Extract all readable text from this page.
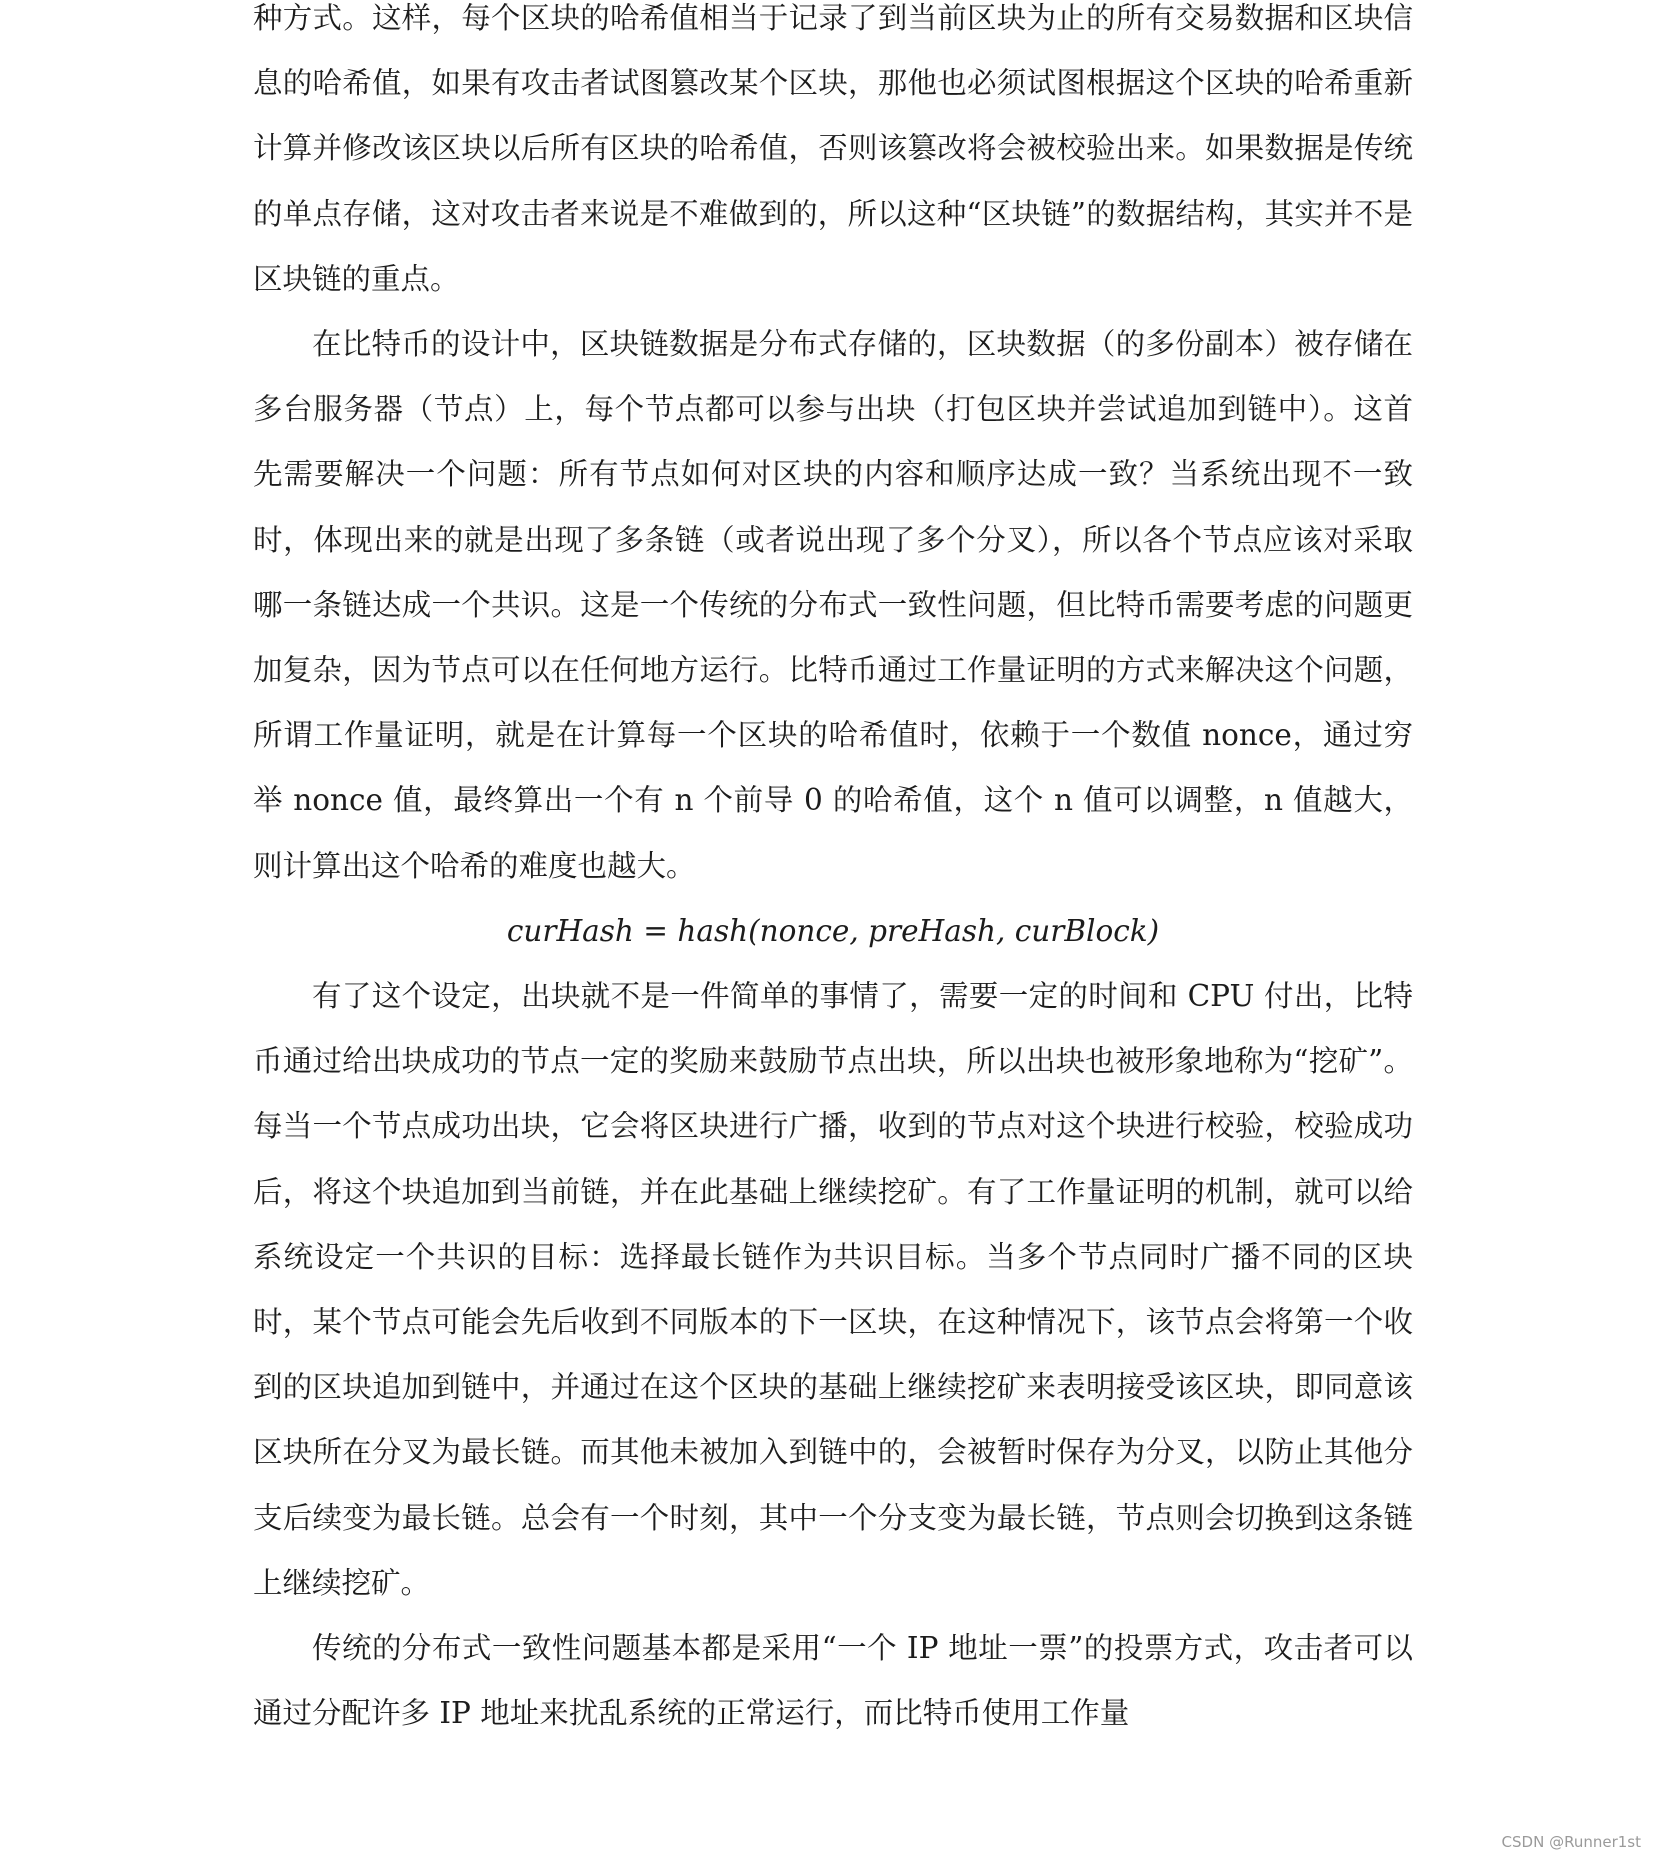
种方式。这样，每个区块的哈希值相当于记录了到当前区块为止的所有交易数据和区块信息的哈希值，如果有攻击者试图篡改某个区块，那他也必须试图根据这个区块的哈希重新计算并修改该区块以后所有区块的哈希值，否则该篡改将会被校验出来。如果数据是传统的单点存储，这对攻击者来说是不难做到的，所以这种“区块链”的数据结构，其实并不是区块链的重点。

在比特币的设计中，区块链数据是分布式存储的，区块数据（的多份副本）被存储在多台服务器（节点）上，每个节点都可以参与出块（打包区块并尝试追加到链中）。这首先需要解决一个问题：所有节点如何对区块的内容和顺序达成一致？当系统出现不一致时，体现出来的就是出现了多条链（或者说出现了多个分叉），所以各个节点应该对采取哪一条链达成一个共识。这是一个传统的分布式一致性问题，但比特币需要考虑的问题更加复杂，因为节点可以在任何地方运行。比特币通过工作量证明的方式来解决这个问题，所谓工作量证明，就是在计算每一个区块的哈希值时，依赖于一个数值 nonce，通过穷举 nonce 值，最终算出一个有 n 个前导 0 的哈希值，这个 n 值可以调整，n 值越大，则计算出这个哈希的难度也越大。

curHash = hash(nonce, preHash, curBlock)

有了这个设定，出块就不是一件简单的事情了，需要一定的时间和 CPU 付出，比特币通过给出块成功的节点一定的奖励来鼓励节点出块，所以出块也被形象地称为“挖矿”。每当一个节点成功出块，它会将区块进行广播，收到的节点对这个块进行校验，校验成功后，将这个块追加到当前链，并在此基础上继续挖矿。有了工作量证明的机制，就可以给系统设定一个共识的目标：选择最长链作为共识目标。当多个节点同时广播不同的区块时，某个节点可能会先后收到不同版本的下一区块，在这种情况下，该节点会将第一个收到的区块追加到链中，并通过在这个区块的基础上继续挖矿来表明接受该区块，即同意该区块所在分叉为最长链。而其他未被加入到链中的，会被暂时保存为分叉，以防止其他分支后续变为最长链。总会有一个时刻，其中一个分支变为最长链，节点则会切换到这条链上继续挖矿。

传统的分布式一致性问题基本都是采用“一个 IP 地址一票”的投票方式，攻击者可以通过分配许多 IP 地址来扰乱系统的正常运行，而比特币使用工作量

CSDN @Runner1st
